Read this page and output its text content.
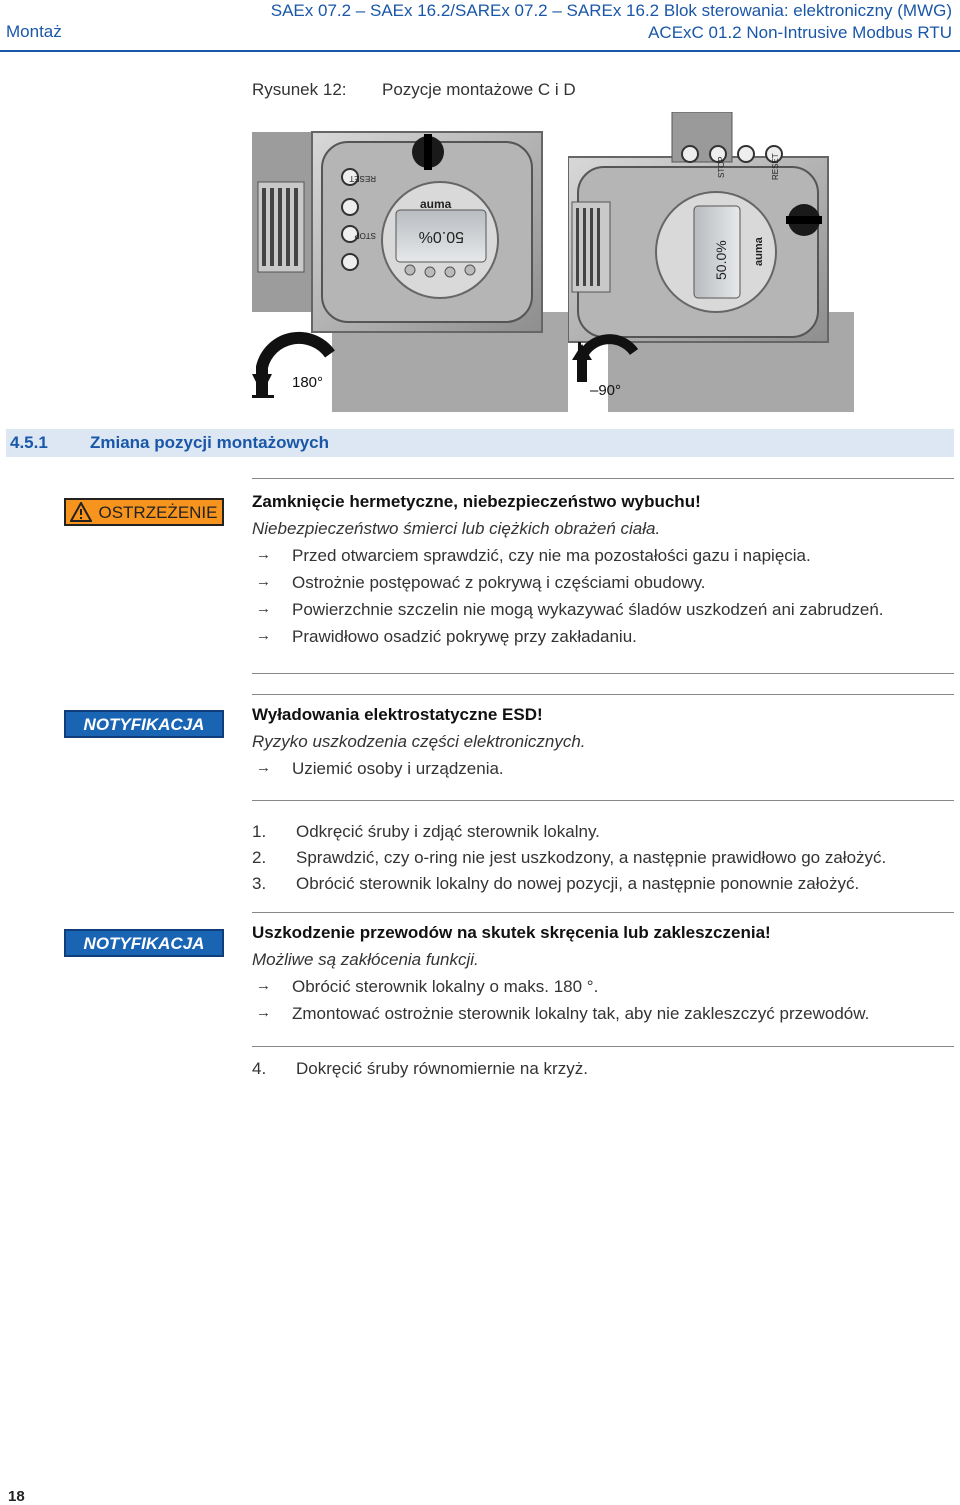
SAEx 07.2 – SAEx 16.2/SAREx 07.2 – SAREx 16.2 Blok sterowania: elektroniczny (MWG)
ACExC 01.2 Non-Intrusive Modbus RTU
Montaż
Rysunek 12: Pozycje montażowe C i D
RESET
STOP	50.0%
auma
180°
STOP	RESET
50.0% auma
–90°
4.5.1 Zmiana pozycji montażowych
OSTRZEŻENIE
Zamknięcie hermetyczne, niebezpieczeństwo wybuchu!
Niebezpieczeństwo śmierci lub ciężkich obrażeń ciała.
→ Przed otwarciem sprawdzić, czy nie ma pozostałości gazu i napięcia.
→ Ostrożnie postępować z pokrywą i częściami obudowy.
→ Powierzchnie szczelin nie mogą wykazywać śladów uszkodzeń ani zabrudzeń.
→ Prawidłowo osadzić pokrywę przy zakładaniu.
NOTYFIKACJA
Wyładowania elektrostatyczne ESD!
Ryzyko uszkodzenia części elektronicznych.
→ Uziemić osoby i urządzenia.
1. Odkręcić śruby i zdjąć sterownik lokalny.
2. Sprawdzić, czy o-ring nie jest uszkodzony, a następnie prawidłowo go założyć.
3. Obrócić sterownik lokalny do nowej pozycji, a następnie ponownie założyć.
NOTYFIKACJA
Uszkodzenie przewodów na skutek skręcenia lub zakleszczenia!
Możliwe są zakłócenia funkcji.
→ Obrócić sterownik lokalny o maks. 180 °.
→ Zmontować ostrożnie sterownik lokalny tak, aby nie zakleszczyć przewodów.
4. Dokręcić śruby równomiernie na krzyż.
18
